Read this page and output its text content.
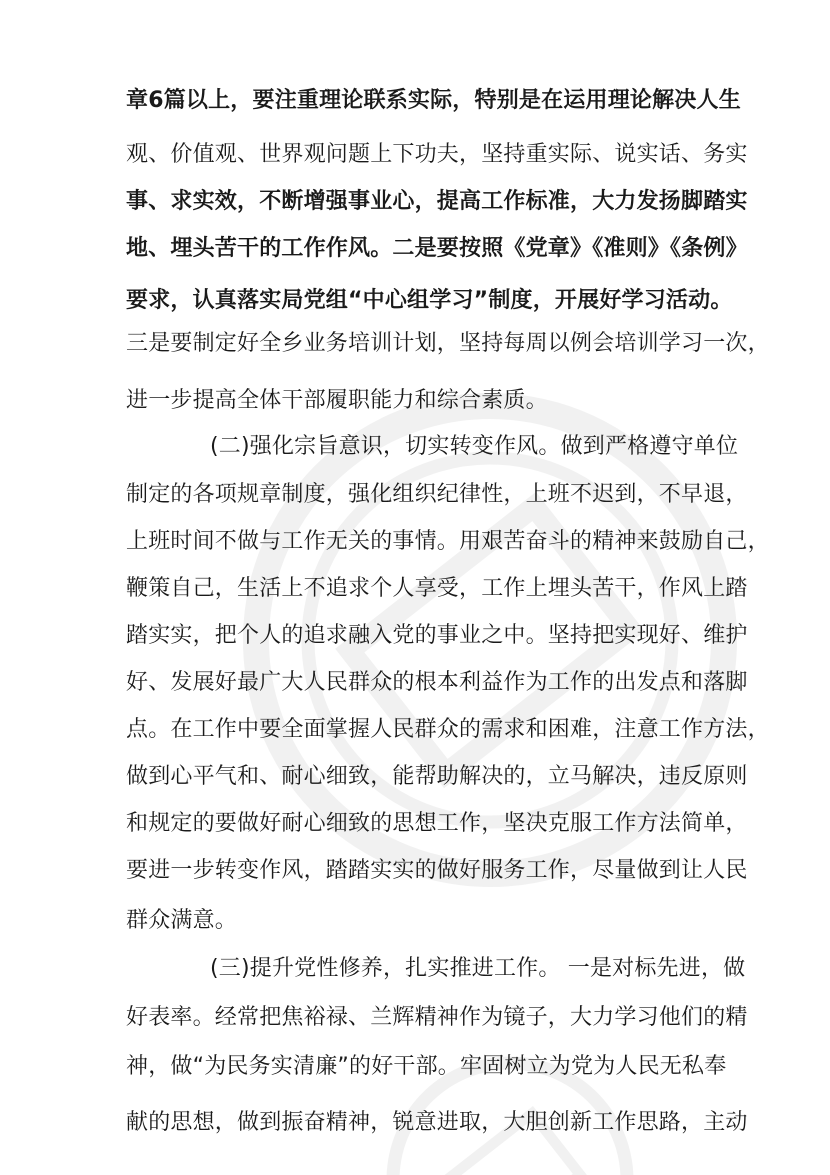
章6篇以上，要注重理论联系实际，特别是在运用理论解决人生
观、价值观、世界观问题上下功夫，坚持重实际、说实话、务实
事、求实效，不断增强事业心，提高工作标准，大力发扬脚踏实
地、埋头苦干的工作作风。二是要按照《党章》《准则》《条例》
要求，认真落实局党组“中心组学习”制度，开展好学习活动。
三是要制定好全乡业务培训计划，坚持每周以例会培训学习一次，
进一步提高全体干部履职能力和综合素质。
(二)强化宗旨意识，切实转变作风。做到严格遵守单位
制定的各项规章制度，强化组织纪律性，上班不迟到，不早退，
上班时间不做与工作无关的事情。用艰苦奋斗的精神来鼓励自己，
鞭策自己，生活上不追求个人享受，工作上埋头苦干，作风上踏
踏实实，把个人的追求融入党的事业之中。坚持把实现好、维护
好、发展好最广大人民群众的根本利益作为工作的出发点和落脚
点。在工作中要全面掌握人民群众的需求和困难，注意工作方法，
做到心平气和、耐心细致，能帮助解决的，立马解决，违反原则
和规定的要做好耐心细致的思想工作，坚决克服工作方法简单，
要进一步转变作风，踏踏实实的做好服务工作，尽量做到让人民
群众满意。
(三)提升党性修养，扎实推进工作。 一是对标先进，做
好表率。经常把焦裕禄、兰辉精神作为镜子，大力学习他们的精
神，做“为民务实清廉”的好干部。牢固树立为党为人民无私奉
献的思想，做到振奋精神，锐意进取，大胆创新工作思路，主动
